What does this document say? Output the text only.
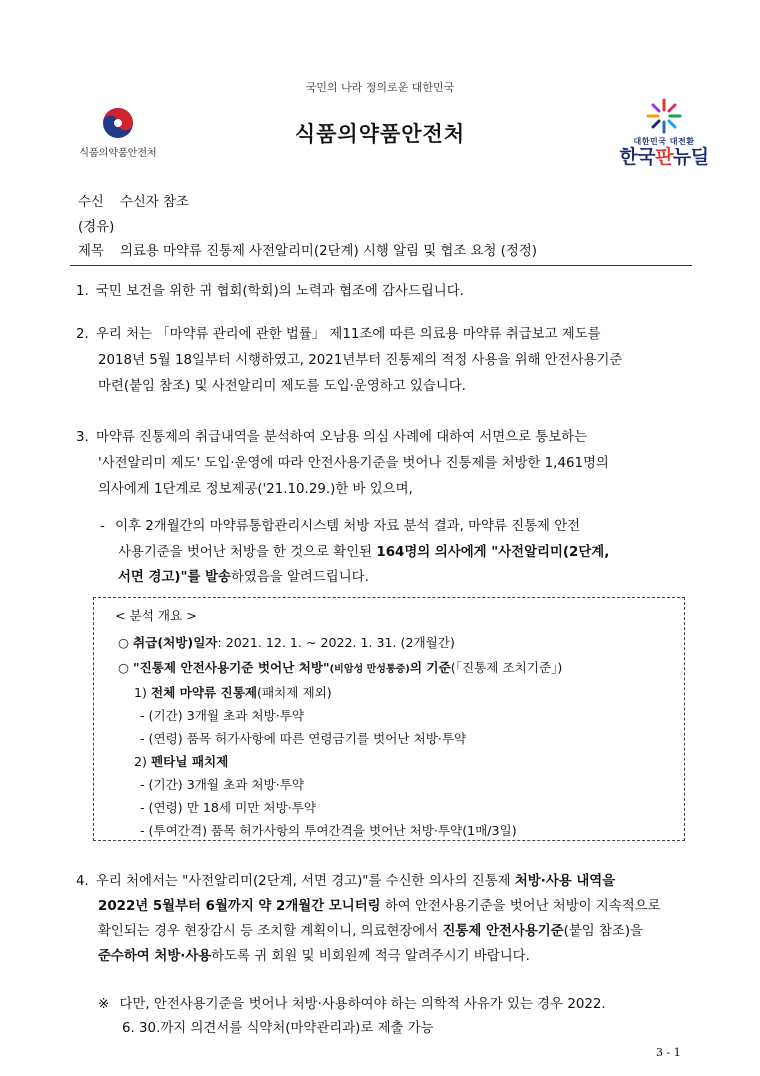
국민의 나라 정의로운 대한민국
식품의약품안전처
식품의약품안전처	대한민국 대전환
한국판뉴딜
수신 수신자 참조
(경유)
제목 의료용 마약류 진통제 사전알리미(2단계) 시행 알림 및 협조 요청 (정정)
1. 국민 보건을 위한 귀 협회(학회)의 노력과 협조에 감사드립니다.
2. 우리 처는 「마약류 관리에 관한 법률」 제11조에 따른 의료용 마약류 취급보고 제도를
2018년 5월 18일부터 시행하였고, 2021년부터 진통제의 적정 사용을 위해 안전사용기준
마련(붙임 참조) 및 사전알리미 제도를 도입·운영하고 있습니다.
3. 마약류 진통제의 취급내역을 분석하여 오남용 의심 사례에 대하여 서면으로 통보하는
'사전알리미 제도' 도입·운영에 따라 안전사용기준을 벗어나 진통제를 처방한 1,461명의
의사에게 1단계로 정보제공('21.10.29.)한 바 있으며,
- 이후 2개월간의 마약류통합관리시스템 처방 자료 분석 결과, 마약류 진통제 안전
사용기준을 벗어난 처방을 한 것으로 확인된 164명의 의사에게 "사전알리미(2단계,
서면 경고)"를 발송하였음을 알려드립니다.
< 분석 개요 >
○ 취급(처방)일자: 2021. 12. 1. ~ 2022. 1. 31. (2개월간)
○ "진통제 안전사용기준 벗어난 처방"(비암성 만성통증)의 기준(「진통제 조치기준」)
1) 전체 마약류 진통제(패치제 제외)
- (기간) 3개월 초과 처방·투약
- (연령) 품목 허가사항에 따른 연령금기를 벗어난 처방·투약
2) 펜타닐 패치제
- (기간) 3개월 초과 처방·투약
- (연령) 만 18세 미만 처방·투약
- (투여간격) 품목 허가사항의 투여간격을 벗어난 처방·투약(1매/3일)
4. 우리 처에서는 "사전알리미(2단계, 서면 경고)"를 수신한 의사의 진통제 처방·사용 내역을
2022년 5월부터 6월까지 약 2개월간 모니터링 하여 안전사용기준을 벗어난 처방이 지속적으로
확인되는 경우 현장감시 등 조치할 계획이니, 의료현장에서 진통제 안전사용기준(붙임 참조)을
준수하여 처방·사용하도록 귀 회원 및 비회원께 적극 알려주시기 바랍니다.
※ 다만, 안전사용기준을 벗어나 처방·사용하여야 하는 의학적 사유가 있는 경우 2022.
6. 30.까지 의견서를 식약처(마약관리과)로 제출 가능
3 - 1
